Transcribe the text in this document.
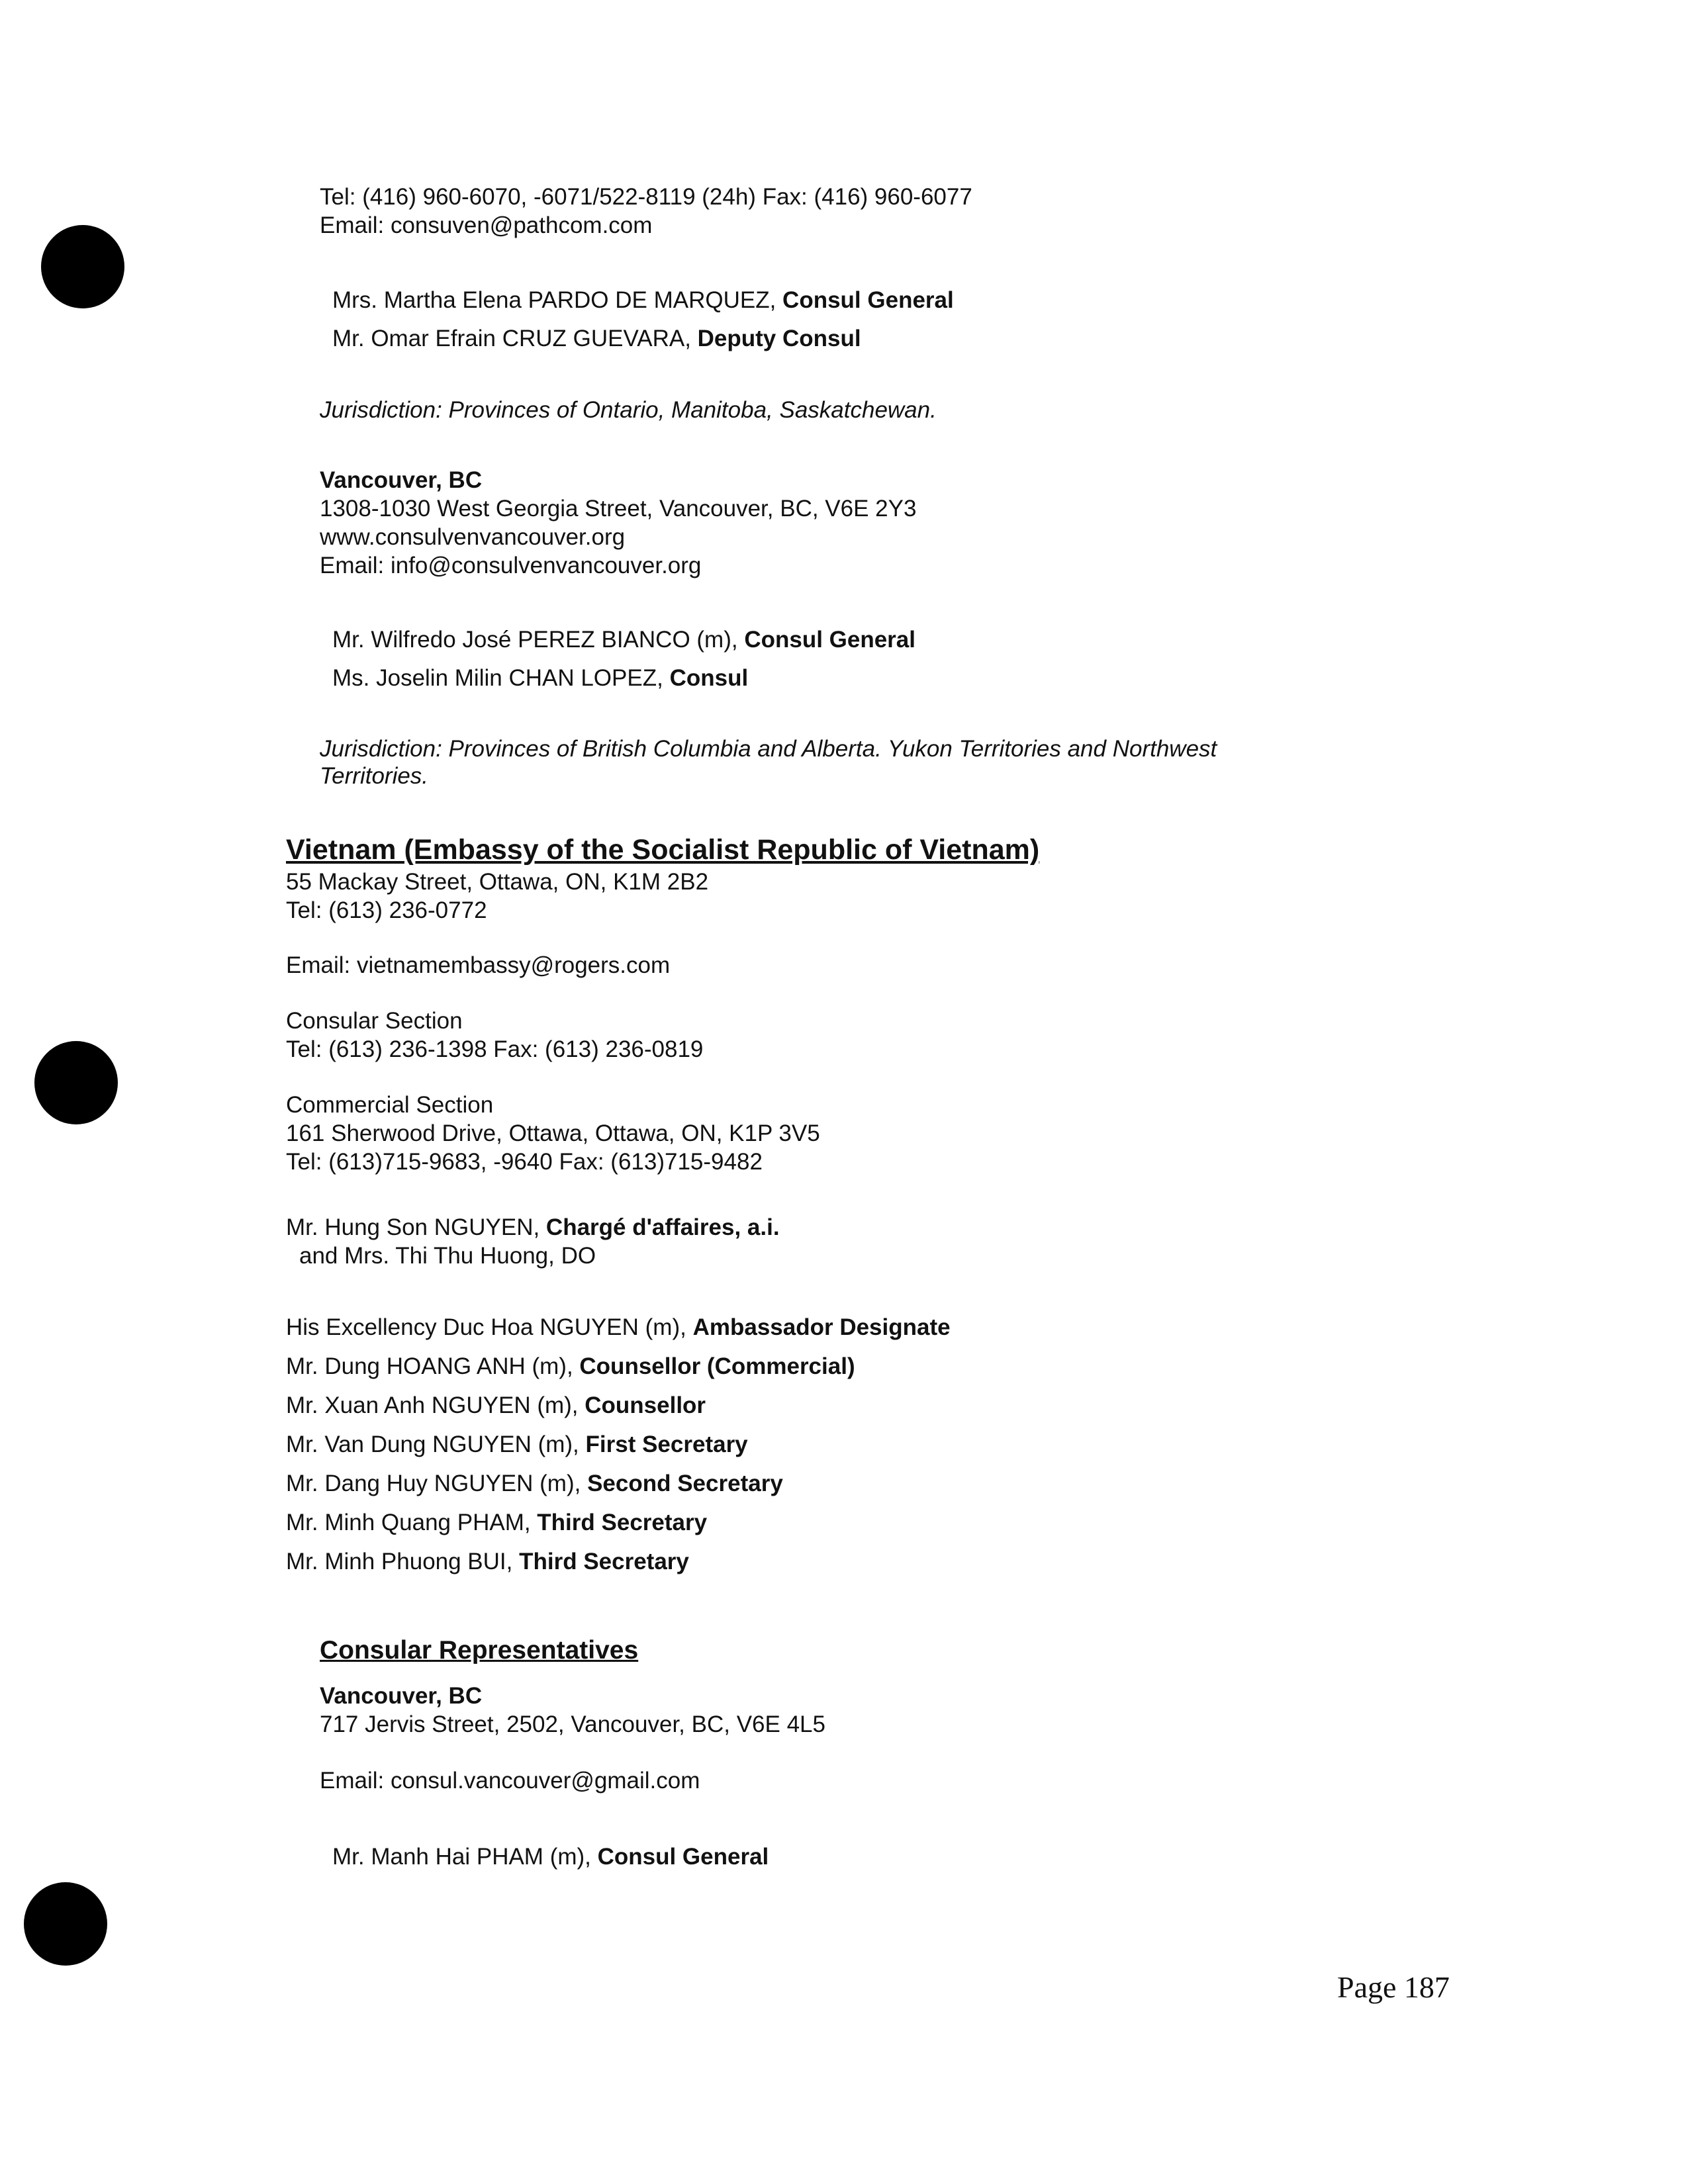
Tel: (416) 960-6070, -6071/522-8119 (24h) Fax: (416) 960-6077
Email: consuven@pathcom.com
Mrs. Martha Elena PARDO DE MARQUEZ, Consul General
Mr. Omar Efrain CRUZ GUEVARA, Deputy Consul
Jurisdiction: Provinces of Ontario, Manitoba, Saskatchewan.
Vancouver, BC
1308-1030 West Georgia Street, Vancouver, BC, V6E 2Y3
www.consulvenvancouver.org
Email: info@consulvenvancouver.org
Mr. Wilfredo José PEREZ BIANCO (m), Consul General
Ms. Joselin Milin CHAN LOPEZ, Consul
Jurisdiction: Provinces of British Columbia and Alberta. Yukon Territories and Northwest
Territories.
Vietnam (Embassy of the Socialist Republic of Vietnam)
55 Mackay Street, Ottawa, ON, K1M 2B2
Tel: (613) 236-0772
Email: vietnamembassy@rogers.com
Consular Section
Tel: (613) 236-1398 Fax: (613) 236-0819
Commercial Section
161 Sherwood Drive, Ottawa, Ottawa, ON, K1P 3V5
Tel: (613)715-9683, -9640 Fax: (613)715-9482
Mr. Hung Son NGUYEN, Chargé d'affaires, a.i.
and Mrs. Thi Thu Huong, DO
His Excellency Duc Hoa NGUYEN (m), Ambassador Designate
Mr. Dung HOANG ANH (m), Counsellor (Commercial)
Mr. Xuan Anh NGUYEN (m), Counsellor
Mr. Van Dung NGUYEN (m), First Secretary
Mr. Dang Huy NGUYEN (m), Second Secretary
Mr. Minh Quang PHAM, Third Secretary
Mr. Minh Phuong BUI, Third Secretary
Consular Representatives
Vancouver, BC
717 Jervis Street, 2502, Vancouver, BC, V6E 4L5
Email: consul.vancouver@gmail.com
Mr. Manh Hai PHAM (m), Consul General
Page 187
